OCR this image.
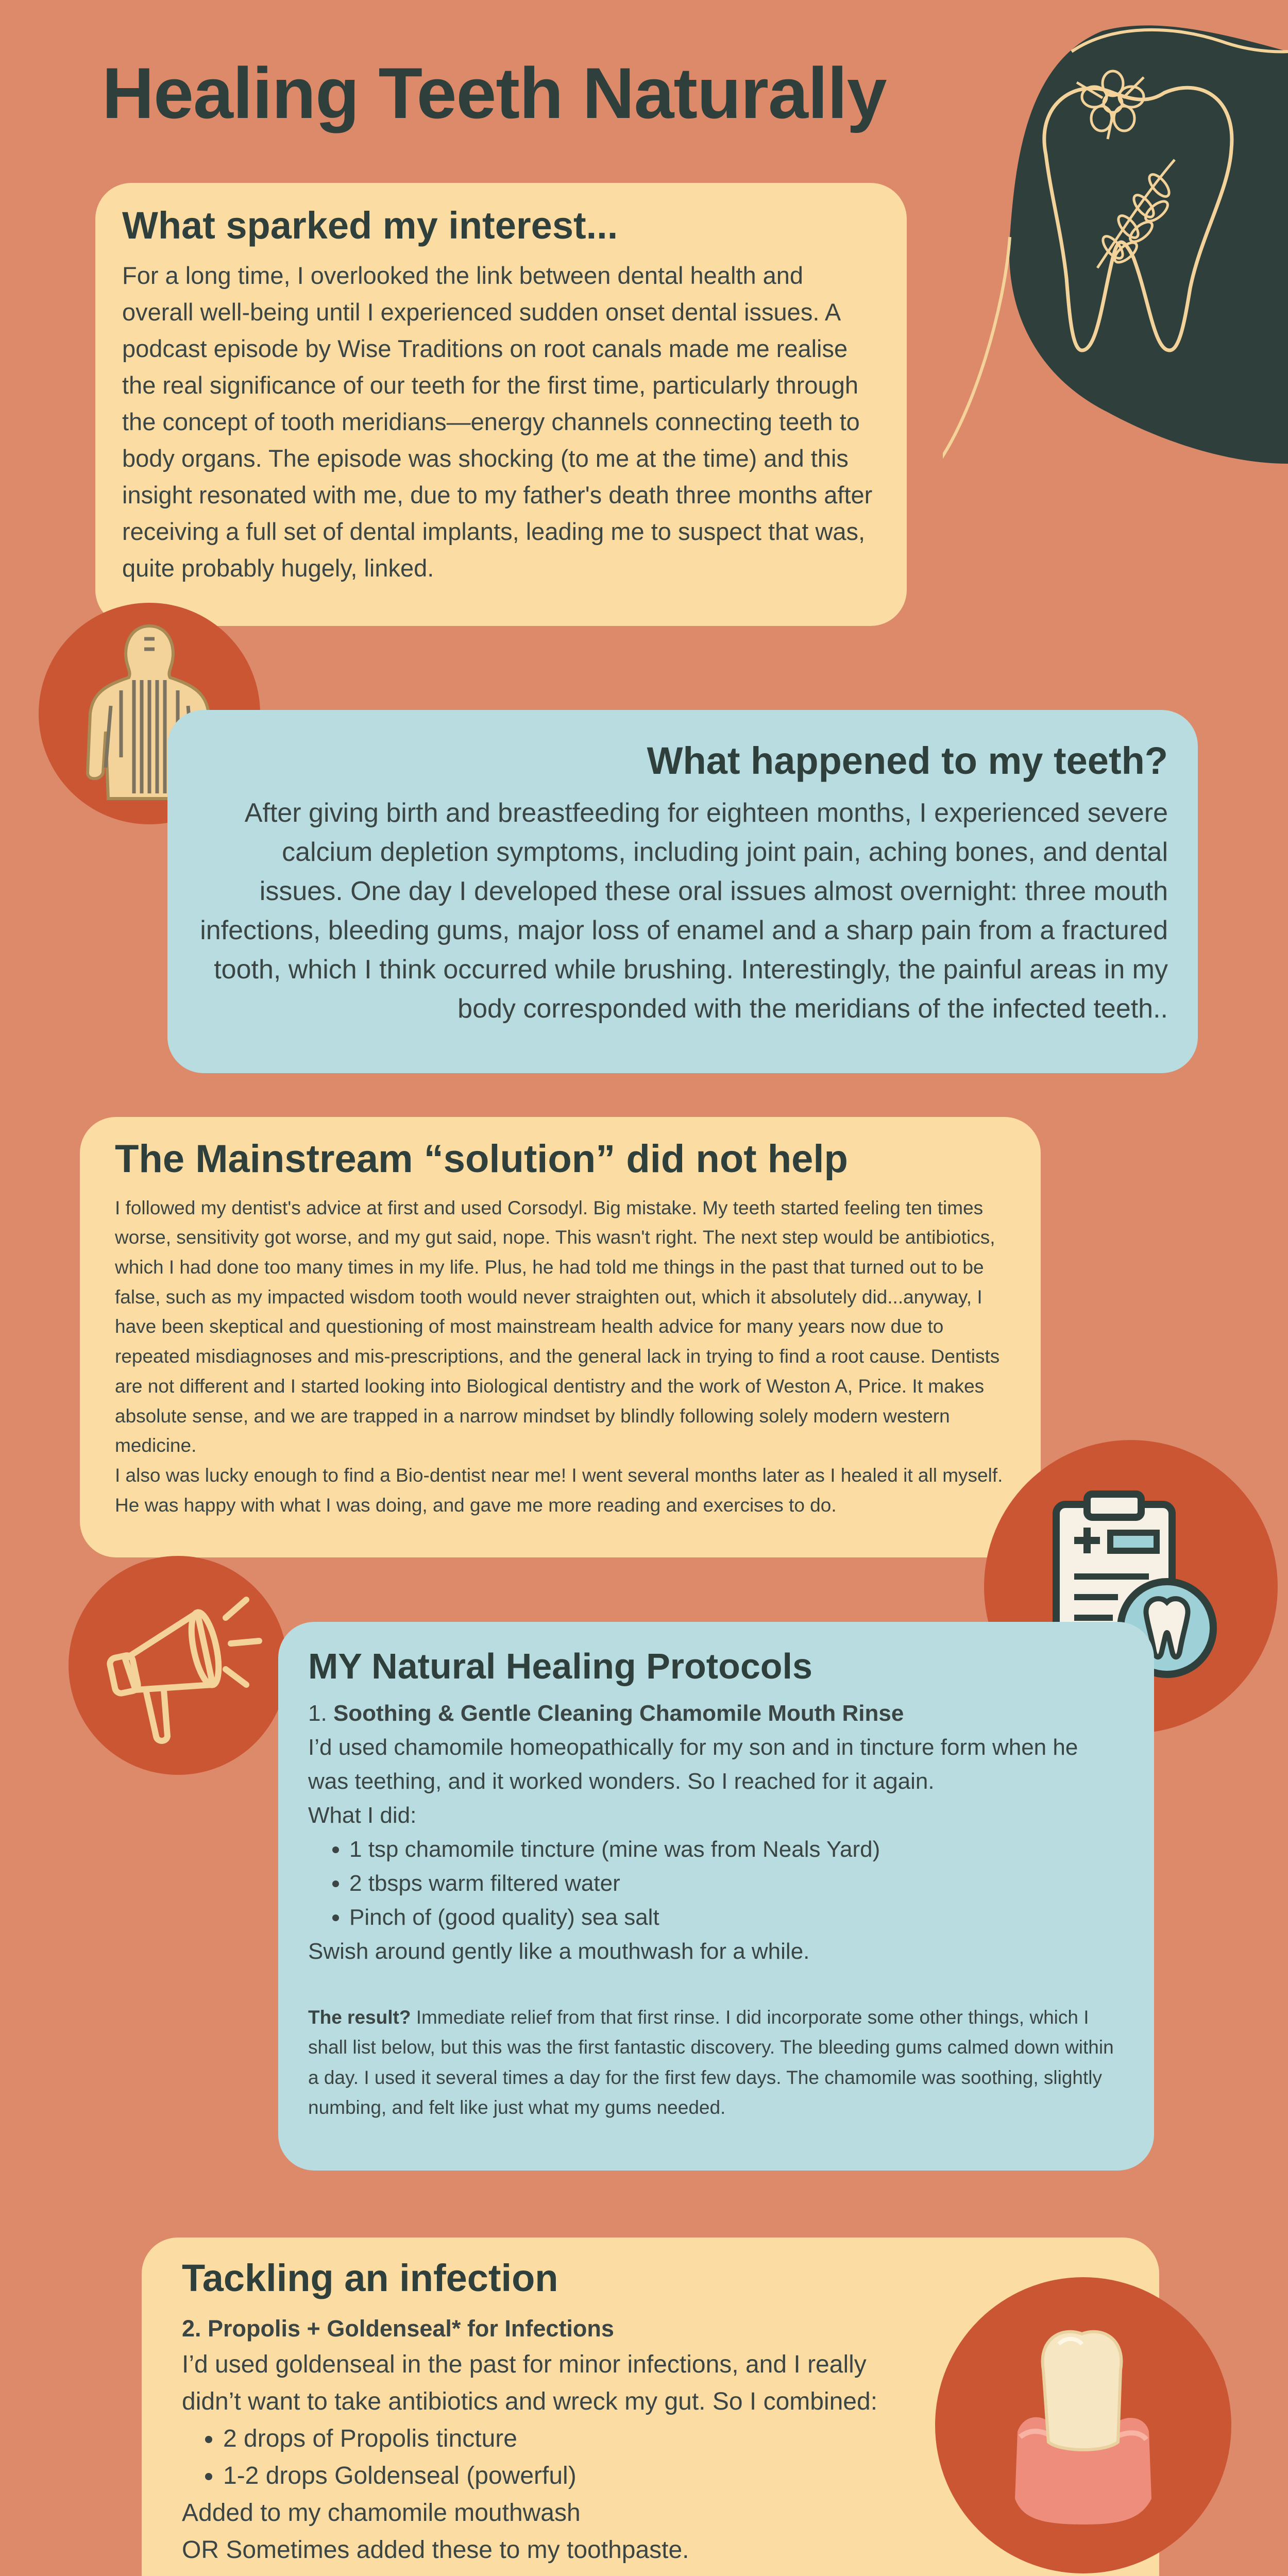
Healing Teeth Naturally
What sparked my interest...

For a long time, I overlooked the link between dental health and overall well-being until I experienced sudden onset dental issues. A podcast episode by Wise Traditions on root canals made me realise the real significance of our teeth for the first time, particularly through the concept of tooth meridians—energy channels connecting teeth to body organs. The episode was shocking (to me at the time) and this insight resonated with me, due to my father's death three months after receiving a full set of dental implants, leading me to suspect that was, quite probably hugely, linked.

What happened to my teeth?

After giving birth and breastfeeding for eighteen months, I experienced severe calcium depletion symptoms, including joint pain, aching bones, and dental issues. One day I developed these oral issues almost overnight: three mouth infections, bleeding gums, major loss of enamel and a sharp pain from a fractured tooth, which I think occurred while brushing. Interestingly, the painful areas in my body corresponded with the meridians of the infected teeth..

The Mainstream “solution” did not help

I followed my dentist's advice at first and used Corsodyl. Big mistake. My teeth started feeling ten times worse, sensitivity got worse, and my gut said, nope. This wasn't right. The next step would be antibiotics, which I had done too many times in my life. Plus, he had told me things in the past that turned out to be false, such as my impacted wisdom tooth would never straighten out, which it absolutely did...anyway, I have been skeptical and questioning of most mainstream health advice for many years now due to repeated misdiagnoses and mis-prescriptions, and the general lack in trying to find a root cause. Dentists are not different and I started looking into Biological dentistry and the work of Weston A, Price. It makes absolute sense, and we are trapped in a narrow mindset by blindly following solely modern western medicine.

I also was lucky enough to find a Bio-dentist near me! I went several months later as I healed it all myself. He was happy with what I was doing, and gave me more reading and exercises to do.

MY Natural Healing Protocols

1. Soothing & Gentle Cleaning Chamomile Mouth Rinse

I’d used chamomile homeopathically for my son and in tincture form when he was teething, and it worked wonders. So I reached for it again.

What I did:

• 1 tsp chamomile tincture (mine was from Neals Yard)
• 2 tbsps warm filtered water
• Pinch of (good quality) sea salt

Swish around gently like a mouthwash for a while.

The result? Immediate relief from that first rinse. I did incorporate some other things, which I shall list below, but this was the first fantastic discovery. The bleeding gums calmed down within a day. I used it several times a day for the first few days. The chamomile was soothing, slightly numbing, and felt like just what my gums needed.

Tackling an infection

2. Propolis + Goldenseal* for Infections

I’d used goldenseal in the past for minor infections, and I really didn’t want to take antibiotics and wreck my gut. So I combined:

• 2 drops of Propolis tincture
• 1-2 drops Goldenseal (powerful)

Added to my chamomile mouthwash

OR Sometimes added these to my toothpaste.
